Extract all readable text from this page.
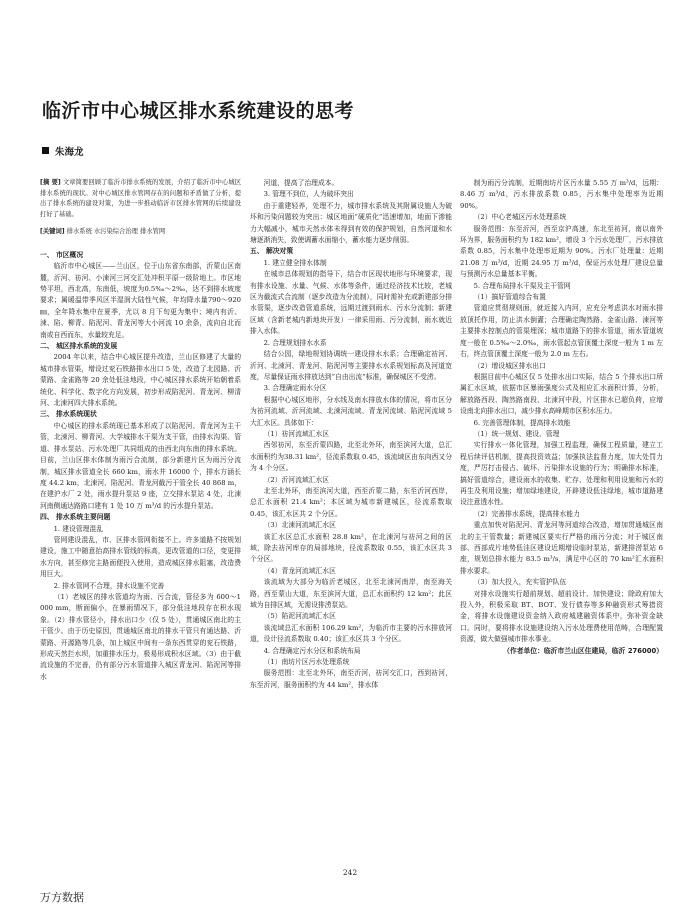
临沂市中心城区排水系统建设的思考
朱海龙

[摘 要] 文章简要回顾了临沂市排水系统的发展，介绍了临沂市中心城区排水系统的现状。对中心城区排水管网存在的问题和矛盾做了分析，提出了排水系统的建设对策，为进一步推动临沂市区排水管网的后续建设打好了基础。

[关键词] 排水系统 水污染综合治理 排水管网

一、 市区概况

临沂市中心城区——兰山区，位于山东省东南部，沂蒙山区南麓，沂河、祊河、小涑河三河交汇处冲积平原一级阶地上。市区地势平坦，西北高，东南低，坡度为0.5‰～2‰，达不到排水坡度要求；属暖温带季风区半湿润大陆性气候，年均降水量790～920㎜，全年降水集中在夏季，尤以 8 月下旬更为集中；境内有沂、涑、陷、柳青、陷泥河、青龙河等大小河流 10 余条，流向自北而南或自西而东，水量较充足。

二、 城区排水系统的发展

2004 年以来，结合中心城区提升改造，兰山区修建了大量的城市排水管渠，增设过兖石铁路排水出口 5 处，改造了北园路、沂蒙路、金雀路等 20 余处低洼地段，中心城区排水系统开始朝着系统化、科学化、数字化方向发展，初步形成陷泥河、青龙河、柳清河、北涑河四大排水系统。

三、 排水系统现状

中心城区的排水系统现已基本形成了以陷泥河、青龙河为主干管，北涑河、柳青河、大学城排水干渠为支干管，由排水沟渠、管道、排水泵站、污水处理厂共同组成的由西北向东南的排水系统。目前，兰山区排水体制为雨污合流制，部分新建片区为雨污分流制，城区排水管道全长 660 km，雨水井 16000 个，排水方涵长度 44.2 km，北涑河、陷泥河、青龙河截污干管全长 40 868 m，在建沪水厂 2 处，雨水提升泵站 9 座，立交排水泵站 4 处，北涑河南侧通达路路口建有 1 处 10 万 m³/d 的污水提升泵站。

四、 排水系统主要问题

1. 建设管理混乱

管网建设混乱，市、区排水管网衔接不上。许多道路不按规划建设，施工中随意抬高排水管线的标高，更改管道的口径，变更排水方向，甚至修完主路面便投入使用，造成城区排水阻塞，改造费用巨大。

2. 排水管网不合理，排水设施不完善

（1）老城区的排水管道均为雨、污合流，管径多为 600～1 000 mm，断面偏小，在暴雨情况下，部分低洼地段存在积水现象。（2）排水管径小，排水出口少（仅 5 处），贯通城区南北的主干管少。由于历史原因，贯通城区南北的排水干管只有通达路、沂蒙路、开源路等几条，加上城区中间有一条东西贯穿的兖石铁路，形成天然拦水坝，加重排水压力，极易形成积水区域。（3）由于截流设施的不完善，仍有部分污水管道排入城区青龙河、陷泥河等排水

河道，提高了治理成本。

3. 管理不到位，人为破坏突出

由于重建轻养，处理不力，城市排水系统及其附属设施人为破坏和污染问题较为突出：城区地面“硬质化”迅速增加，地面下渗能力大幅减小，城市天然水体未得到有效的保护规划，自然河道和水塘逐渐消失，致使调蓄水面缩小，蓄水能力逐步削弱。

五、 解决对策

1. 建立健全排水体制

在城市总体规划的指导下，结合市区现状地形与环境要求，现有排水设施、水量、气候、水体等条件，通过经济技术比较，老城区为截流式合流制（逐步改造为分流制），同时需补充或新建部分排水管渠，逐步改造管道系统，远期过渡到雨水、污水分流制；新建区域（含新老城内新地块开发）一律采用雨、污分流制，雨水就近排入水体。

2. 合理规划排水水系

结合公园，绿地规划协调统一建设排水水系；合理确定祊河、沂河、北涑河、青龙河、陷泥河等主要排水水系规划标高及河道宽度，尽量保证雨水排放达到“自由出流”标准，确保城区不受涝。

3. 合理确定雨水分区

根据中心城区地形，分水线及南水排放水体的情况，将市区分为祊河流域、沂河流域、北涑河流域、青龙河流域、陷泥河流域 5 大汇水区。具体如下：

（1）祊河流域汇水区

西邻祊河，东至沂蒙四路，北至北外环，南至滨河大道，总汇水面积约为38.31 km²，径流系数取 0.45，该流域区由东向西又分为 4 个分区。

（2）沂河流域汇水区

北至北外环，南至滨河大道，西至沂蒙二路，东至沂河西岸，总汇水面积 21.4 km²；本区域为城市新建城区，径流系数取 0.45，该汇水区共 2 个分区。

（3）北涑河流域汇水区

该汇水区总汇水面积 28.8 km²，在北涑河与祊河之间的区域，除去祊河库存的局部地块，径流系数取 0.55，该汇水区共 3 个分区。

（4）青龙河流域汇水区

该流域为大部分为临沂老城区，北至北涑河南岸，南至海关路，西至蒙山大道，东至滨河大道，总汇水面积约 12 km²；此区域为自排区域，无需设排涝泵站。

（5）陷泥河流域汇水区

该流域总汇水面积 106.29 km²，为临沂市主要的污水排放河道，设计径流系数取 0.40；该汇水区共 3 个分区。

4. 合理确定污水分区和系统布局

（1）南坊片区污水处理系统

服务范围：北至北外环，南至沂河，祊河交汇口，西到祊河，东至沂河，服务面积约为 44 km²，排水体

制为雨污分流制，近期南坊片区污水量 5.55 万 m³/d，远期：8.46 万 m³/d，污水排放系数 0.85，污水集中处理率为近期 90%。

（2）中心老城区污水处理系统

服务范围：东至沂河，西至京沪高速，东北至祊河，南以南外环为界，服务面积约为 182 km²，增设 3 个污水处理厂，污水排放系数 0.85，污水集中处理率近期为 90%。污水厂处理量：近期 21.08 万 m³/d，近期 24.95 万 m³/d，保证污水处理厂建设总量与预测污水总量基本平衡。

5. 合理布局排水干渠及主干管网

（1）搞好管道综合布置

管道应贯彻规则面，就近接入内河，应充分考虑洪水对雨水排放顶托作用，防止洪水倒灌；合理确定陶然路、金雀山路、涑河等主要排水控制点的管渠埋深；城市道路下的排水管道，雨水管道坡度一般在 0.5‰～2.0‰，雨水管起点管顶覆土深度一般为 1 m 左右，终点管顶覆土深度一般为 2.0 m 左右。

（2）增设城区排水出口

根据目前中心城区仅 5 处排水出口实际，结合 5 个排水出口所属汇水区域，依据市区暴雨强度公式及相应汇水面积计算，分析，解放路西段、陶然路南段、北涑河中段，片区排水已超负荷，应增设南北向排水出口，减少排水高峰期市区积水压力。

6. 完善管理体制，提高排水效能

（1）统一规划、建设、管理

实行排水一体化管理，加强工程监理，确保工程质量，建立工程后续评估机制，提高投资效益；加强执法监督力度，加大处罚力度，严厉打击侵占、破坏、污染排水设施的行为；明确排水标准，搞好管道综合，建设雨水的收集、贮存、处理和利用设施和污水的再生及利用设施；增加绿地建设，开辟建设低洼绿地，城市道路建设注意透水性。

（2）完善排水系统，提高排水能力

重点加快对陷泥河、青龙河等河道综合改造，增加贯通城区南北的主干管数量；新建城区要实行严格的雨污分流；对于城区南部、西部成片地势低洼区建设近期增设临时泵站，新建排涝泵站 6 座，规划总排水能力 83.5 m³/s，满足中心区的 70 km²汇水面积排水要求。

（3）加大投入，充实管护队伍

对排水设施实行超前规划、超前设计、加快建设；除政府加大投入外，积极采取 BT、BOT、发行债券等多种融资形式筹措资金，将排水设施建设资金纳入政府城建融资体系中，弥补资金缺口。同时，要将排水设施建设纳入污水处理费使用范畴，合理配置资源，做大做强城市排水事业。

（作者单位：临沂市兰山区住建局，临沂 276000）

242
万方数据
